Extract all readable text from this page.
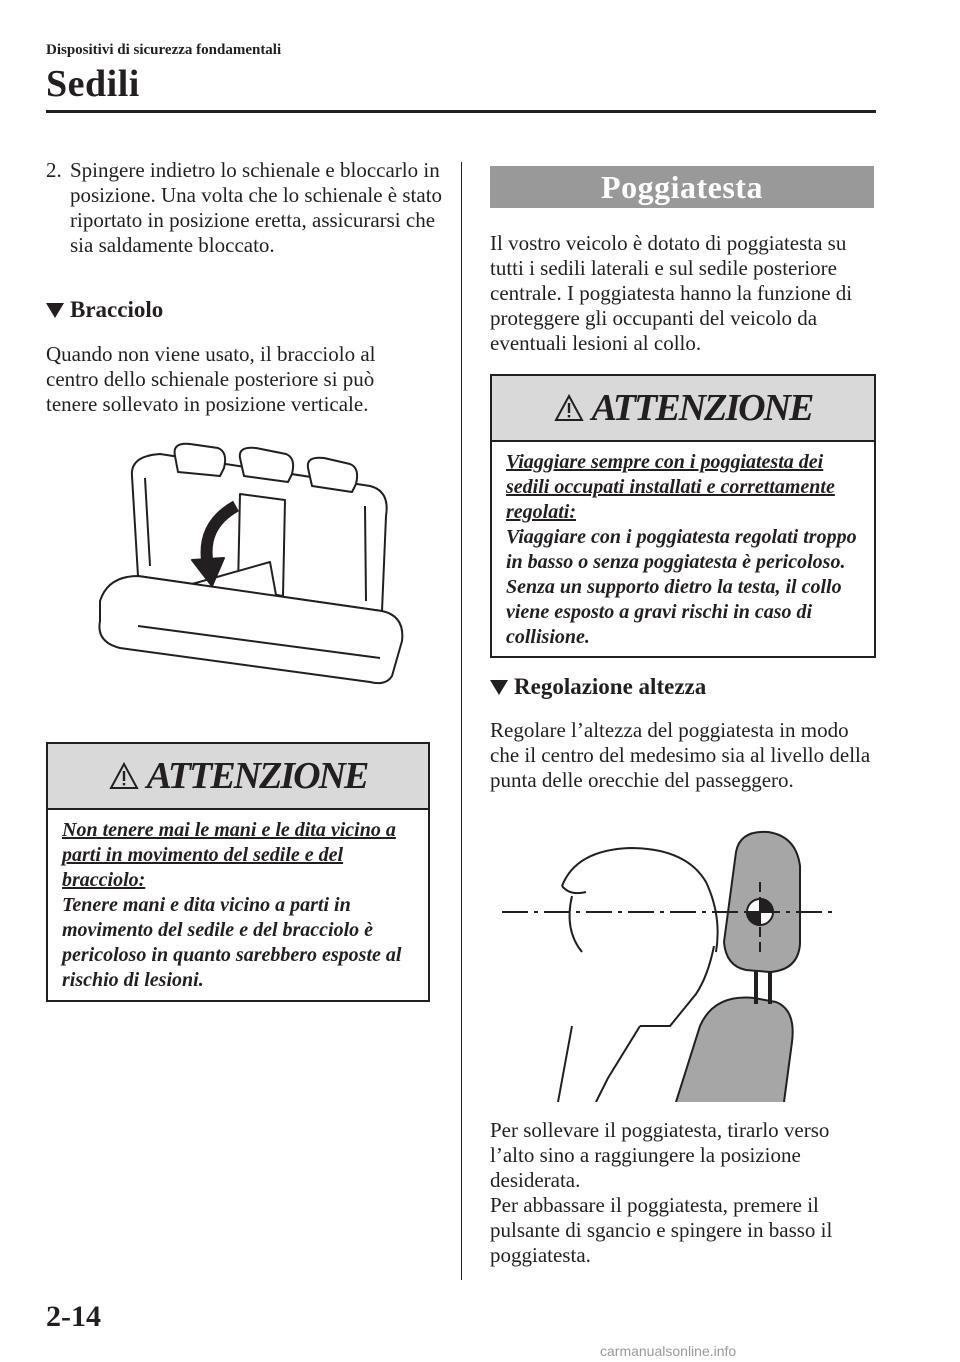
Dispositivi di sicurezza fondamentali
Sedili
2. Spingere indietro lo schienale e bloccarlo in posizione. Una volta che lo schienale è stato riportato in posizione eretta, assicurarsi che sia saldamente bloccato.

Bracciolo

Quando non viene usato, il bracciolo al centro dello schienale posteriore si può tenere sollevato in posizione verticale.

ATTENZIONE

Non tenere mai le mani e le dita vicino a parti in movimento del sedile e del bracciolo:

Tenere mani e dita vicino a parti in movimento del sedile e del bracciolo è pericoloso in quanto sarebbero esposte al rischio di lesioni.

Poggiatesta

Il vostro veicolo è dotato di poggiatesta su tutti i sedili laterali e sul sedile posteriore centrale. I poggiatesta hanno la funzione di proteggere gli occupanti del veicolo da eventuali lesioni al collo.

ATTENZIONE

Viaggiare sempre con i poggiatesta dei sedili occupati installati e correttamente regolati:

Viaggiare con i poggiatesta regolati troppo in basso o senza poggiatesta è pericoloso. Senza un supporto dietro la testa, il collo viene esposto a gravi rischi in caso di collisione.

Regolazione altezza

Regolare l’altezza del poggiatesta in modo che il centro del medesimo sia al livello della punta delle orecchie del passeggero.

Per sollevare il poggiatesta, tirarlo verso l’alto sino a raggiungere la posizione desiderata.

Per abbassare il poggiatesta, premere il pulsante di sgancio e spingere in basso il poggiatesta.

2-14
carmanualsonline.info
